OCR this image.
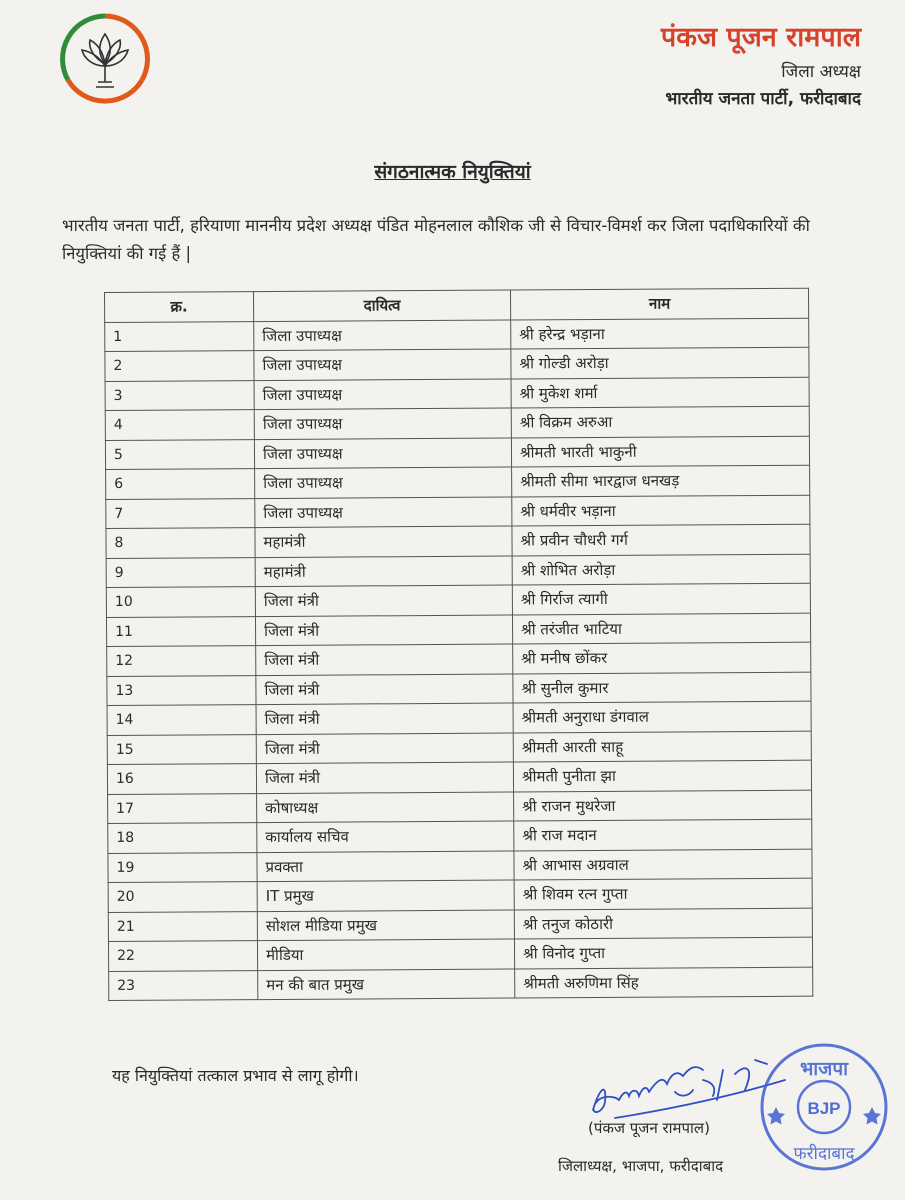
पंकज पूजन रामपाल
जिला अध्यक्ष
भारतीय जनता पार्टी, फरीदाबाद
संगठनात्मक नियुक्तियां
भारतीय जनता पार्टी, हरियाणा माननीय प्रदेश अध्यक्ष पंडित मोहनलाल कौशिक जी से विचार-विमर्श कर जिला पदाधिकारियों की नियुक्तियां की गई हैं |
क्र.	दायित्व	नाम
1	जिला उपाध्यक्ष	श्री हरेन्द्र भड़ाना
2	जिला उपाध्यक्ष	श्री गोल्डी अरोड़ा
3	जिला उपाध्यक्ष	श्री मुकेश शर्मा
4	जिला उपाध्यक्ष	श्री विक्रम अरुआ
5	जिला उपाध्यक्ष	श्रीमती भारती भाकुनी
6	जिला उपाध्यक्ष	श्रीमती सीमा भारद्वाज धनखड़
7	जिला उपाध्यक्ष	श्री धर्मवीर भड़ाना
8	महामंत्री	श्री प्रवीन चौधरी गर्ग
9	महामंत्री	श्री शोभित अरोड़ा
10	जिला मंत्री	श्री गिर्राज त्यागी
11	जिला मंत्री	श्री तरंजीत भाटिया
12	जिला मंत्री	श्री मनीष छोंकर
13	जिला मंत्री	श्री सुनील कुमार
14	जिला मंत्री	श्रीमती अनुराधा डंगवाल
15	जिला मंत्री	श्रीमती आरती साहू
16	जिला मंत्री	श्रीमती पुनीता झा
17	कोषाध्यक्ष	श्री राजन मुथरेजा
18	कार्यालय सचिव	श्री राज मदान
19	प्रवक्ता	श्री आभास अग्रवाल
20	IT प्रमुख	श्री शिवम रत्न गुप्ता
21	सोशल मीडिया प्रमुख	श्री तनुज कोठारी
22	मीडिया	श्री विनोद गुप्ता
23	मन की बात प्रमुख	श्रीमती अरुणिमा सिंह
यह नियुक्तियां तत्काल प्रभाव से लागू होगी।
(पंकज पूजन रामपाल)
जिलाध्यक्ष, भाजपा, फरीदाबाद
भाजपा
BJP
फरीदाबाद
